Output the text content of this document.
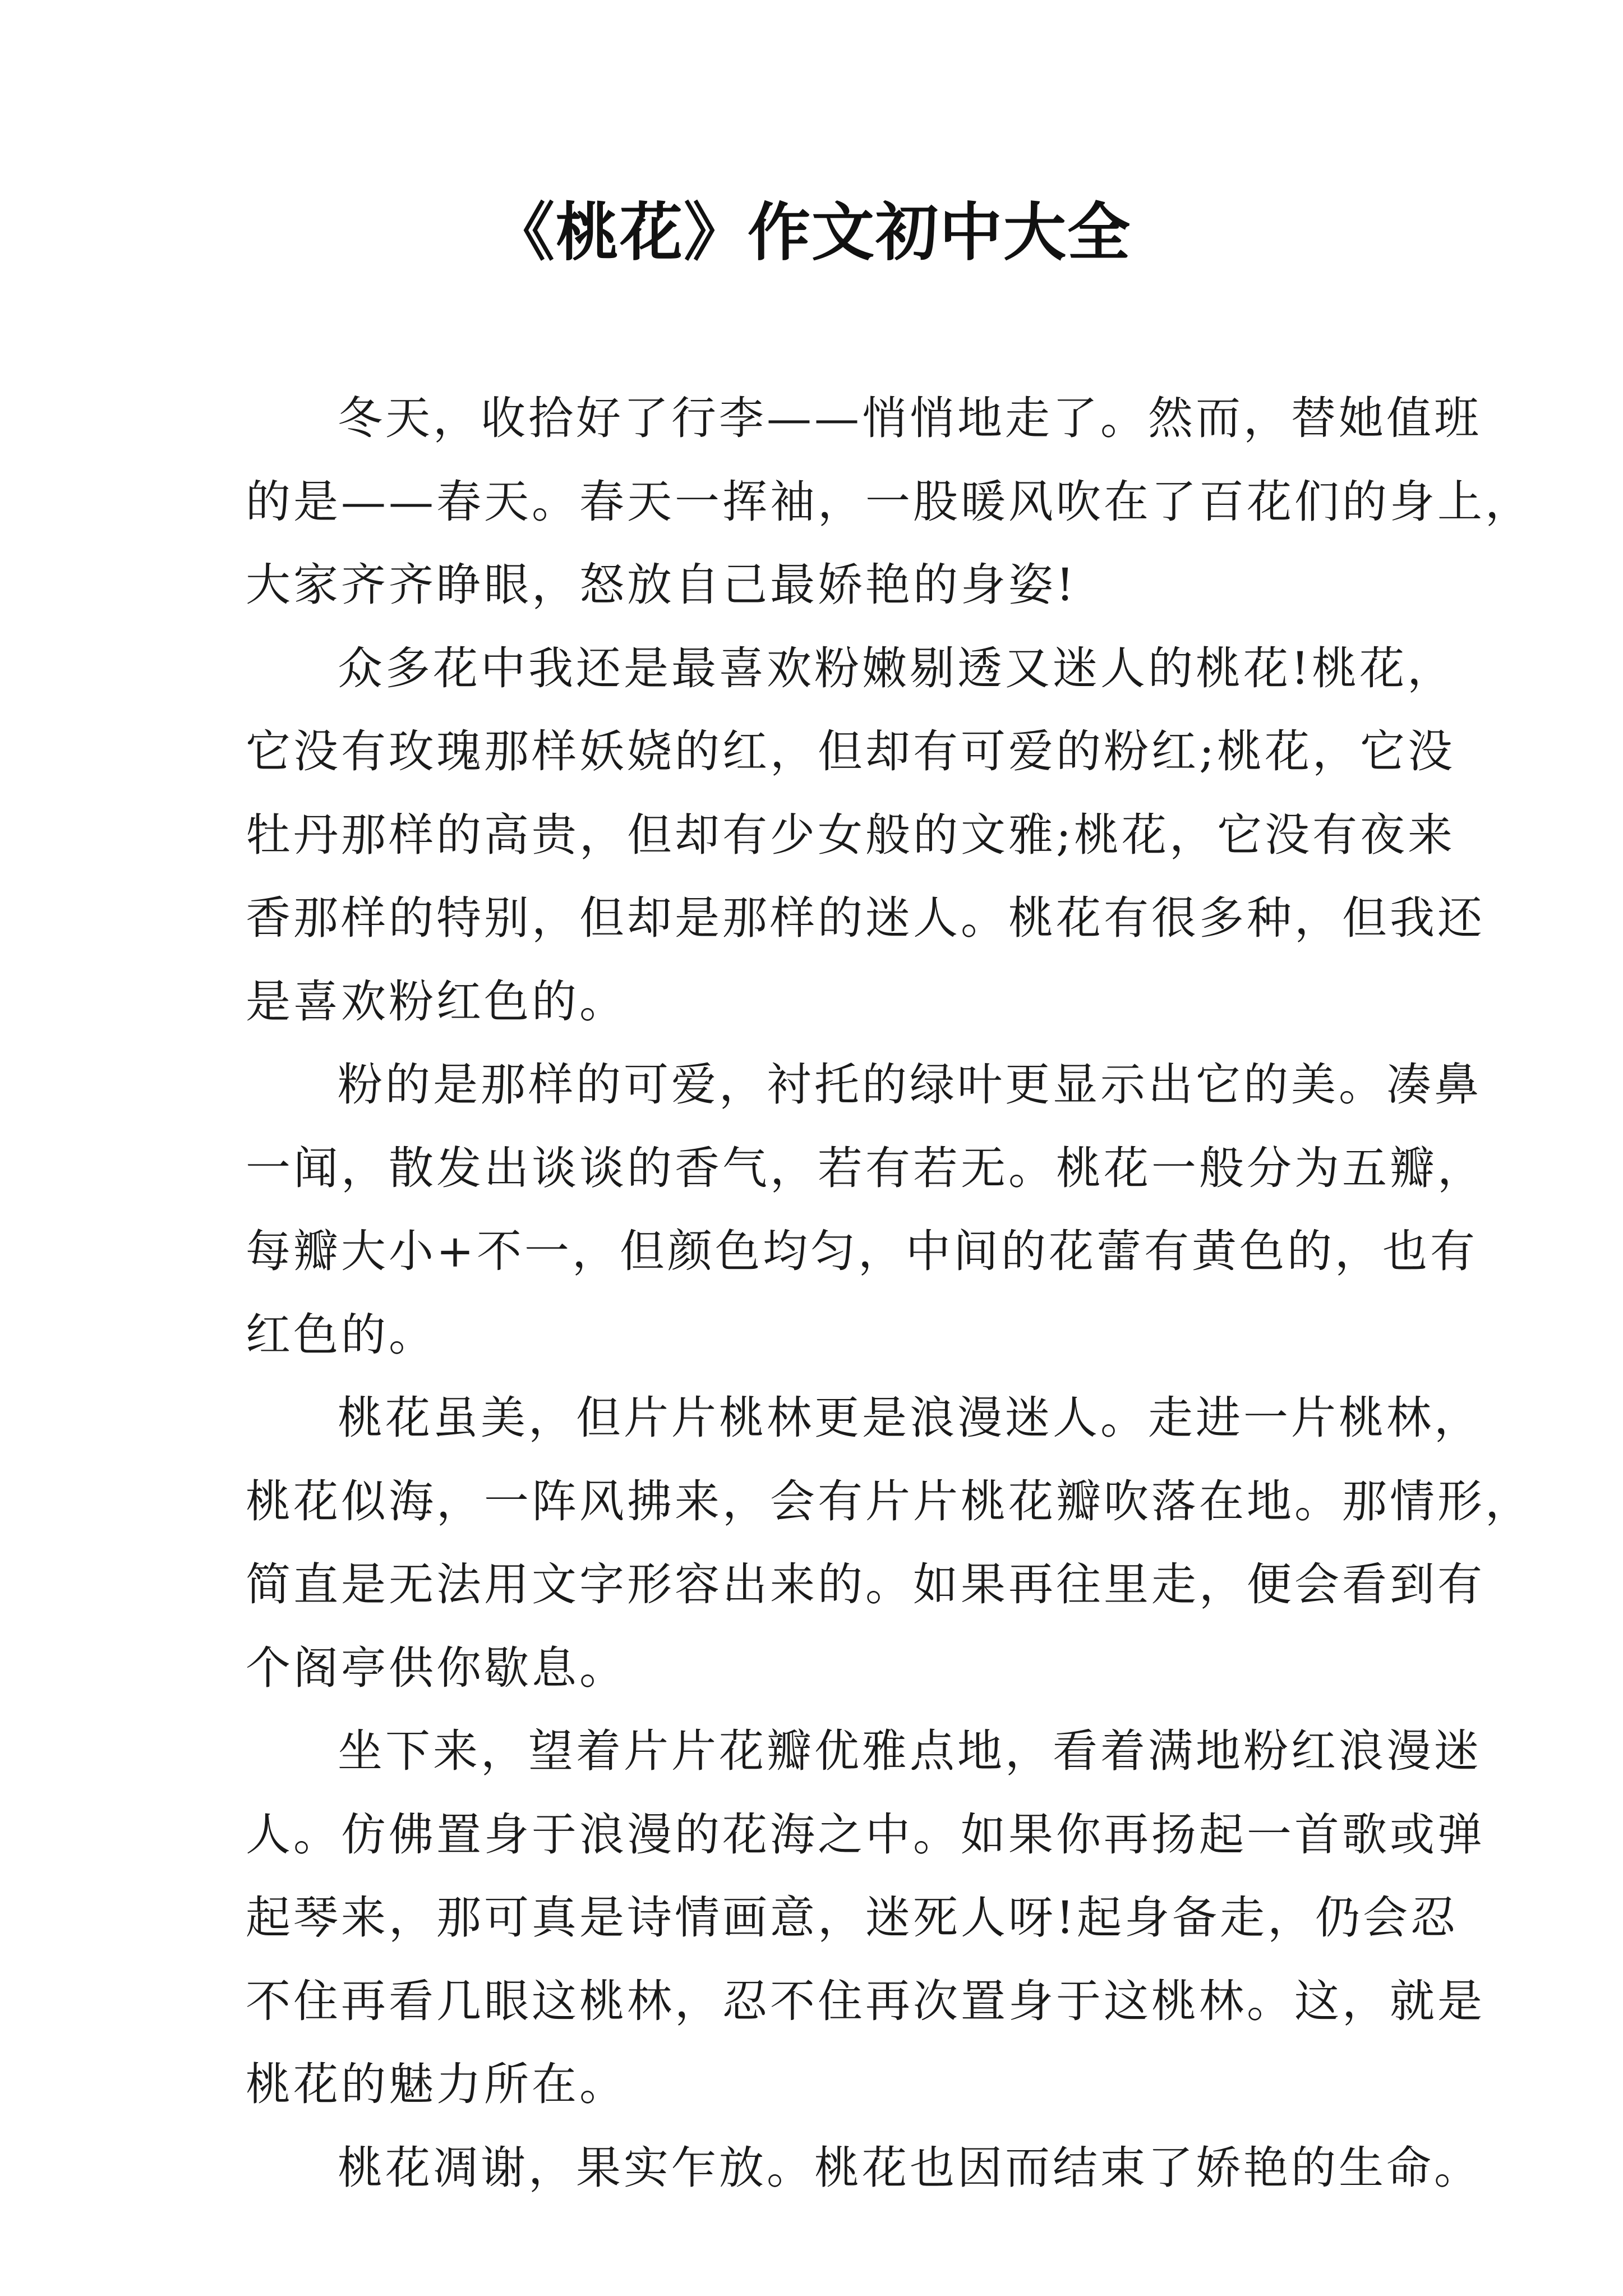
《桃花》作文初中大全

冬天，收拾好了行李——悄悄地走了。然而，替她值班
的是——春天。春天一挥袖，一股暖风吹在了百花们的身上，
大家齐齐睁眼，怒放自己最娇艳的身姿!

众多花中我还是最喜欢粉嫩剔透又迷人的桃花!桃花，
它没有玫瑰那样妖娆的红，但却有可爱的粉红;桃花，它没
牡丹那样的高贵，但却有少女般的文雅;桃花，它没有夜来
香那样的特别，但却是那样的迷人。桃花有很多种，但我还
是喜欢粉红色的。

粉的是那样的可爱，衬托的绿叶更显示出它的美。凑鼻
一闻，散发出谈谈的香气，若有若无。桃花一般分为五瓣，
每瓣大小+不一，但颜色均匀，中间的花蕾有黄色的，也有
红色的。

桃花虽美，但片片桃林更是浪漫迷人。走进一片桃林，
桃花似海，一阵风拂来，会有片片桃花瓣吹落在地。那情形，
简直是无法用文字形容出来的。如果再往里走，便会看到有
个阁亭供你歇息。

坐下来，望着片片花瓣优雅点地，看着满地粉红浪漫迷
人。仿佛置身于浪漫的花海之中。如果你再扬起一首歌或弹
起琴来，那可真是诗情画意，迷死人呀!起身备走，仍会忍
不住再看几眼这桃林，忍不住再次置身于这桃林。这，就是
桃花的魅力所在。

桃花凋谢，果实乍放。桃花也因而结束了娇艳的生命。
